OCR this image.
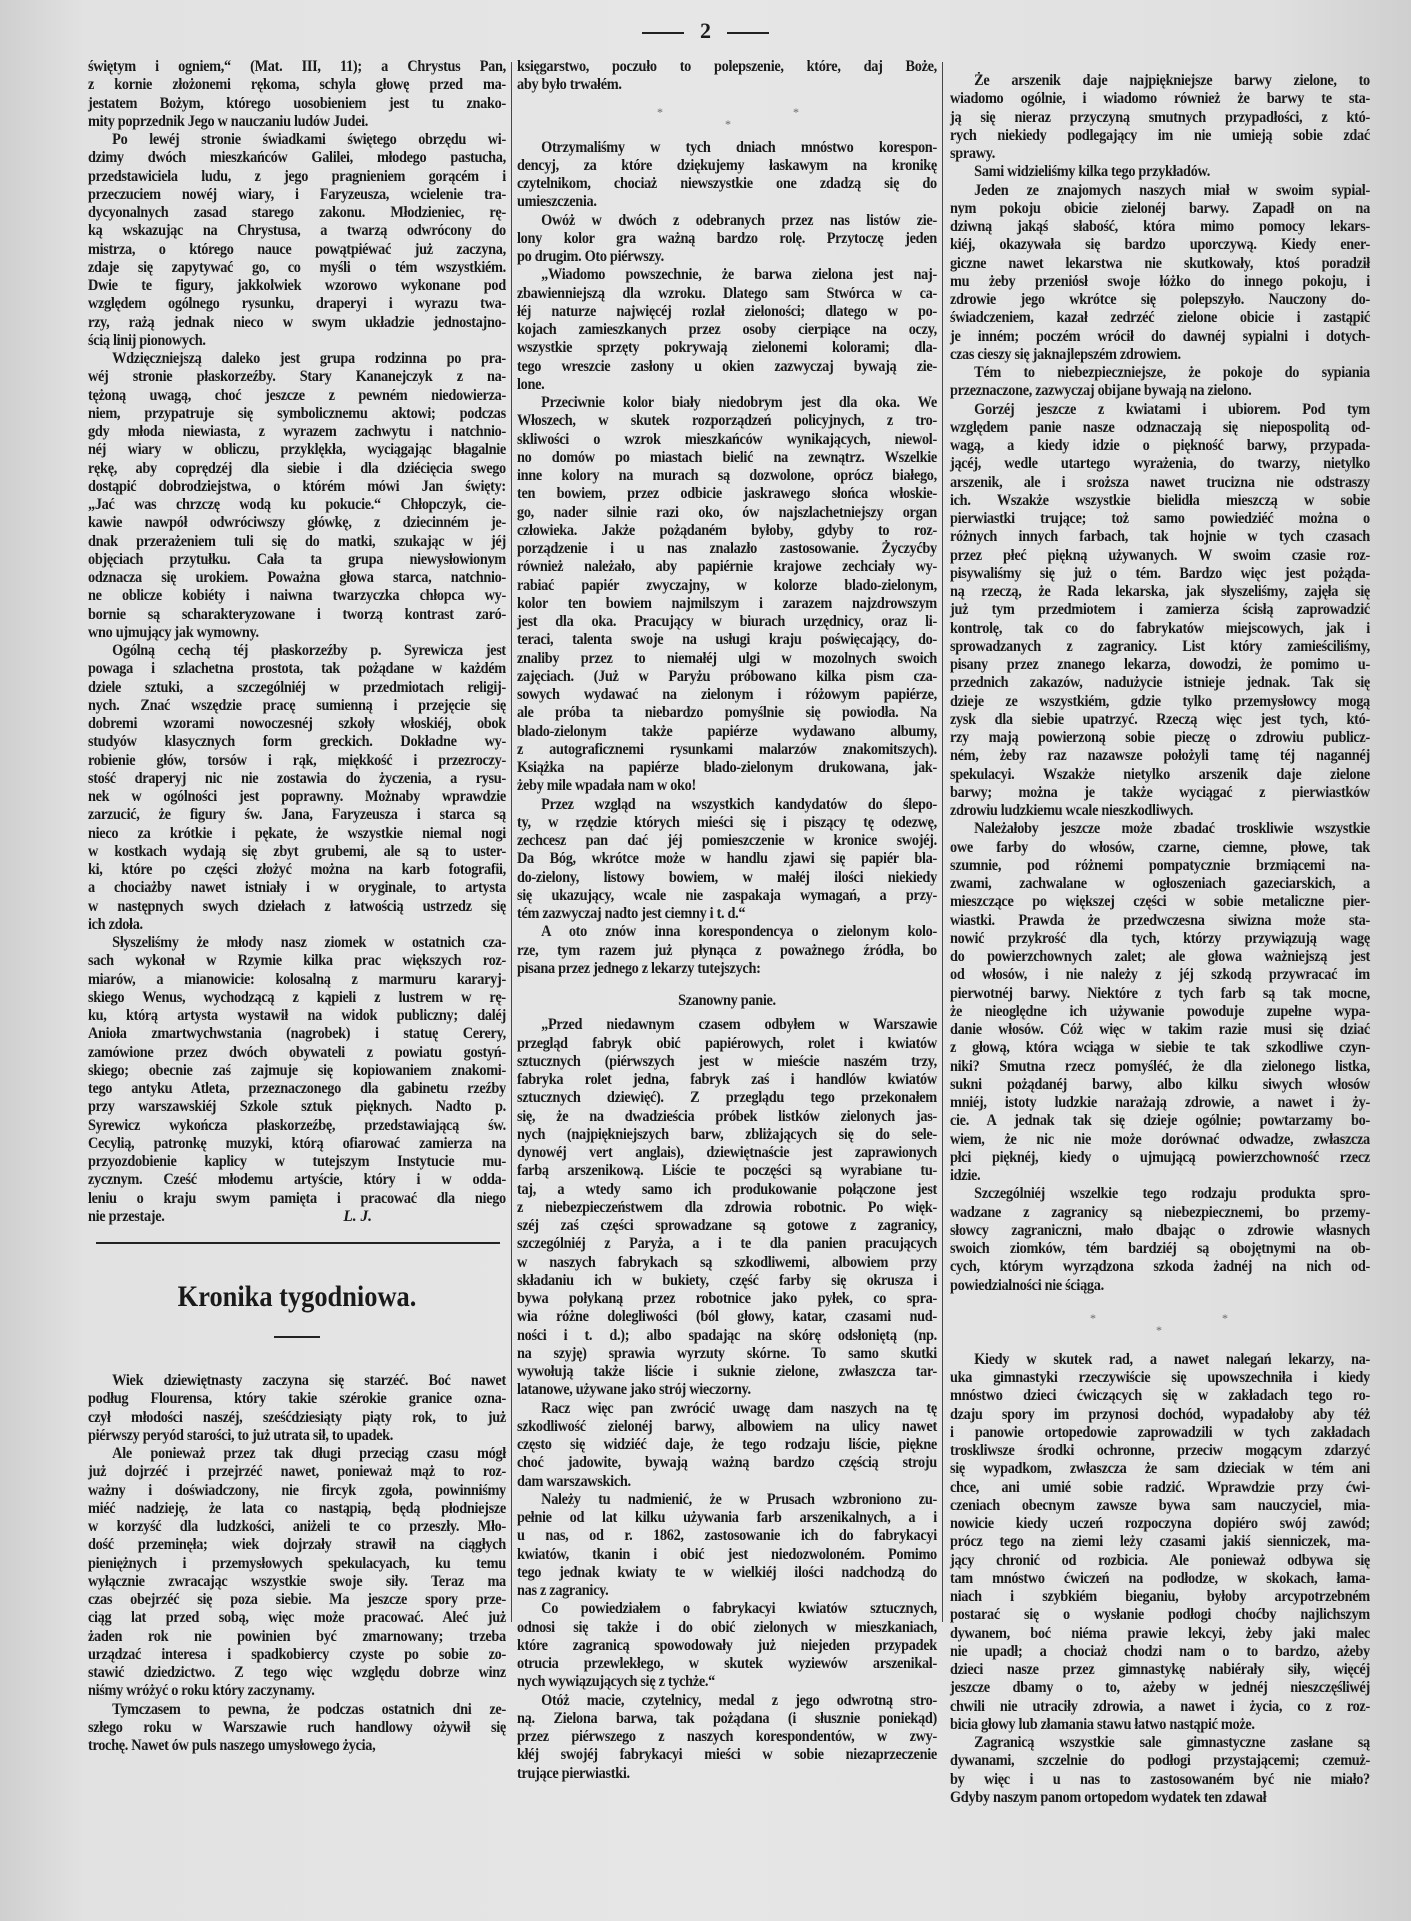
2
świętym i ogniem,“ (Mat. III, 11); a Chrystus Pan,
z kornie złożonemi rękoma, schyla głowę przed ma-
jestatem Bożym, którego uosobieniem jest tu znako-
mity poprzednik Jego w nauczaniu ludów Judei.
Po lewéj stronie świadkami świętego obrzędu wi-
dzimy dwóch mieszkańców Galilei, młodego pastucha,
przedstawiciela ludu, z jego pragnieniem gorącém i
przeczuciem nowéj wiary, i Faryzeusza, wcielenie tra-
dycyonalnych zasad starego zakonu. Młodzieniec, rę-
ką wskazując na Chrystusa, a twarzą odwrócony do
mistrza, o którego nauce powątpiéwać już zaczyna,
zdaje się zapytywać go, co myśli o tém wszystkiém.
Dwie te figury, jakkolwiek wzorowo wykonane pod
względem ogólnego rysunku, draperyi i wyrazu twa-
rzy, rażą jednak nieco w swym układzie jednostajno-
ścią linij pionowych.
Wdzięczniejszą daleko jest grupa rodzinna po pra-
wéj stronie płaskorzeźby. Stary Kananejczyk z na-
tężoną uwagą, choć jeszcze z pewném niedowierza-
niem, przypatruje się symbolicznemu aktowi; podczas
gdy młoda niewiasta, z wyrazem zachwytu i natchnio-
néj wiary w obliczu, przyklękła, wyciągając błagalnie
rękę, aby coprędzéj dla siebie i dla dziécięcia swego
dostąpić dobrodziejstwa, o którém mówi Jan święty:
„Jać was chrzczę wodą ku pokucie.“ Chłopczyk, cie-
kawie nawpół odwróciwszy główkę, z dziecinném je-
dnak przerażeniem tuli się do matki, szukając w jéj
objęciach przytułku. Cała ta grupa niewysłowionym
odznacza się urokiem. Poważna głowa starca, natchnio-
ne oblicze kobiéty i naiwna twarzyczka chłopca wy-
bornie są scharakteryzowane i tworzą kontrast zaró-
wno ujmujący jak wymowny.
Ogólną cechą téj płaskorzeźby p. Syrewicza jest
powaga i szlachetna prostota, tak pożądane w każdém
dziele sztuki, a szczególniéj w przedmiotach religij-
nych. Znać wszędzie pracę sumienną i przejęcie się
dobremi wzorami nowoczesnéj szkoły włoskiéj, obok
studyów klasycznych form greckich. Dokładne wy-
robienie głów, torsów i rąk, miękkość i przezroczy-
stość draperyj nic nie zostawia do życzenia, a rysu-
nek w ogólności jest poprawny. Możnaby wprawdzie
zarzucić, że figury św. Jana, Faryzeusza i starca są
nieco za krótkie i pękate, że wszystkie niemal nogi
w kostkach wydają się zbyt grubemi, ale są to uster-
ki, które po części złożyć można na karb fotografii,
a chociażby nawet istniały i w oryginale, to artysta
w następnych swych dziełach z łatwością ustrzedz się
ich zdoła.
Słyszeliśmy że młody nasz ziomek w ostatnich cza-
sach wykonał w Rzymie kilka prac większych roz-
miarów, a mianowicie: kolosalną z marmuru kararyj-
skiego Wenus, wychodzącą z kąpieli z lustrem w rę-
ku, którą artysta wystawił na widok publiczny; daléj
Anioła zmartwychwstania (nagrobek) i statuę Cerery,
zamówione przez dwóch obywateli z powiatu gostyń-
skiego; obecnie zaś zajmuje się kopiowaniem znakomi-
tego antyku Atleta, przeznaczonego dla gabinetu rzeźby
przy warszawskiéj Szkole sztuk pięknych. Nadto p.
Syrewicz wykończa płaskorzeźbę, przedstawiającą św.
Cecylią, patronkę muzyki, którą ofiarować zamierza na
przyozdobienie kaplicy w tutejszym Instytucie mu-
zycznym. Cześć młodemu artyście, który i w odda-
leniu o kraju swym pamięta i pracować dla niego
nie przestaje.	L. J.
Kronika tygodniowa.
Wiek dziewiętnasty zaczyna się starzéć. Boć nawet
podług Flourensa, który takie szérokie granice ozna-
czył młodości naszéj, sześćdziesiąty piąty rok, to już
piérwszy peryód starości, to już utrata sił, to upadek.
Ale ponieważ przez tak długi przeciąg czasu mógł
już dojrzéć i przejrzéć nawet, ponieważ mąż to roz-
ważny i doświadczony, nie fircyk zgoła, powinniśmy
miéć nadzieję, że lata co nastąpią, będą płodniejsze
w korzyść dla ludzkości, aniżeli te co przeszły. Mło-
dość przeminęła; wiek dojrzały strawił na ciągłych
pieniężnych i przemysłowych spekulacyach, ku temu
wyłącznie zwracając wszystkie swoje siły. Teraz ma
czas obejrzéć się poza siebie. Ma jeszcze spory prze-
ciąg lat przed sobą, więc może pracować. Aleć już
żaden rok nie powinien być zmarnowany; trzeba
urządzać interesa i spadkobiercy czyste po sobie zo-
stawić dziedzictwo. Z tego więc względu dobrze winz
niśmy wróżyć o roku który zaczynamy.
Tymczasem to pewna, że podczas ostatnich dni ze-
szłego roku w Warszawie ruch handlowy ożywił się
trochę. Nawet ów puls naszego umysłowego życia,
księgarstwo, poczuło to polepszenie, które, daj Boże,
aby było trwałém.
*	*
*
Otrzymaliśmy w tych dniach mnóstwo korespon-
dencyj, za które dziękujemy łaskawym na kronikę
czytelnikom, chociaż niewszystkie one zdadzą się do
umieszczenia.
Owóż w dwóch z odebranych przez nas listów zie-
lony kolor gra ważną bardzo rolę. Przytoczę jeden
po drugim. Oto piérwszy.
„Wiadomo powszechnie, że barwa zielona jest naj-
zbawienniejszą dla wzroku. Dlatego sam Stwórca w ca-
łéj naturze najwięcéj rozlał zieloności; dlatego w po-
kojach zamieszkanych przez osoby cierpiące na oczy,
wszystkie sprzęty pokrywają zielonemi kolorami; dla-
tego wreszcie zasłony u okien zazwyczaj bywają zie-
lone.
Przeciwnie kolor biały niedobrym jest dla oka. We
Włoszech, w skutek rozporządzeń policyjnych, z tro-
skliwości o wzrok mieszkańców wynikających, niewol-
no domów po miastach bielić na zewnątrz. Wszelkie
inne kolory na murach są dozwolone, oprócz białego,
ten bowiem, przez odbicie jaskrawego słońca włoskie-
go, nader silnie razi oko, ów najszlachetniejszy organ
człowieka. Jakże pożądaném byłoby, gdyby to roz-
porządzenie i u nas znalazło zastosowanie. Życzyćby
również należało, aby papiérnie krajowe zechciały wy-
rabiać papiér zwyczajny, w kolorze blado-zielonym,
kolor ten bowiem najmilszym i zarazem najzdrowszym
jest dla oka. Pracujący w biurach urzędnicy, oraz li-
teraci, talenta swoje na usługi kraju poświęcający, do-
znaliby przez to niemałéj ulgi w mozolnych swoich
zajęciach. (Już w Paryżu próbowano kilka pism cza-
sowych wydawać na zielonym i różowym papiérze,
ale próba ta niebardzo pomyślnie się powiodła. Na
blado-zielonym także papiérze wydawano albumy,
z autograficznemi rysunkami malarzów znakomitszych).
Książka na papiérze blado-zielonym drukowana, jak-
żeby mile wpadała nam w oko!
Przez wzgląd na wszystkich kandydatów do ślepo-
ty, w rzędzie których mieści się i piszący tę odezwę,
zechcesz pan dać jéj pomieszczenie w kronice swojéj.
Da Bóg, wkrótce może w handlu zjawi się papiér bla-
do-zielony, listowy bowiem, w małéj ilości niekiedy
się ukazujący, wcale nie zaspakaja wymagań, a przy-
tém zazwyczaj nadto jest ciemny i t. d.“
A oto znów inna korespondencya o zielonym kolo-
rze, tym razem już płynąca z poważnego źródła, bo
pisana przez jednego z lekarzy tutejszych:
Szanowny panie.
„Przed niedawnym czasem odbyłem w Warszawie
przegląd fabryk obić papiérowych, rolet i kwiatów
sztucznych (piérwszych jest w mieście naszém trzy,
fabryka rolet jedna, fabryk zaś i handlów kwiatów
sztucznych dziewięć). Z przeglądu tego przekonałem
się, że na dwadzieścia próbek listków zielonych jas-
nych (najpiękniejszych barw, zbliżających się do sele-
dynowéj vert anglais), dziewiętnaście jest zaprawionych
farbą arszenikową. Liście te poczęści są wyrabiane tu-
taj, a wtedy samo ich produkowanie połączone jest
z niebezpieczeństwem dla zdrowia robotnic. Po więk-
széj zaś części sprowadzane są gotowe z zagranicy,
szczególniéj z Paryża, a i te dla panien pracujących
w naszych fabrykach są szkodliwemi, albowiem przy
składaniu ich w bukiety, część farby się okrusza i
bywa połykaną przez robotnice jako pyłek, co spra-
wia różne dolegliwości (ból głowy, katar, czasami nud-
ności i t. d.); albo spadając na skórę odsłoniętą (np.
na szyję) sprawia wyrzuty skórne. To samo skutki
wywołują także liście i suknie zielone, zwłaszcza tar-
latanowe, używane jako strój wieczorny.
Racz więc pan zwrócić uwagę dam naszych na tę
szkodliwość zielonéj barwy, albowiem na ulicy nawet
często się widziéć daje, że tego rodzaju liście, piękne
choć jadowite, bywają ważną bardzo częścią stroju
dam warszawskich.
Należy tu nadmienić, że w Prusach wzbroniono zu-
pełnie od lat kilku używania farb arszenikalnych, a i
u nas, od r. 1862, zastosowanie ich do fabrykacyi
kwiatów, tkanin i obić jest niedozwoloném. Pomimo
tego jednak kwiaty te w wielkiéj ilości nadchodzą do
nas z zagranicy.
Co powiedziałem o fabrykacyi kwiatów sztucznych,
odnosi się także i do obić zielonych w mieszkaniach,
które zagranicą spowodowały już niejeden przypadek
otrucia przewlekłego, w skutek wyziewów arszenikal-
nych wywiązujących się z tychże.“
Otóż macie, czytelnicy, medal z jego odwrotną stro-
ną. Zielona barwa, tak pożądana (i słusznie poniekąd)
przez piérwszego z naszych korespondentów, w zwy-
kłéj swojéj fabrykacyi mieści w sobie niezaprzeczenie
trujące pierwiastki.
Że arszenik daje najpiękniejsze barwy zielone, to
wiadomo ogólnie, i wiadomo również że barwy te sta-
ją się nieraz przyczyną smutnych przypadłości, z któ-
rych niekiedy podlegający im nie umieją sobie zdać
sprawy.
Sami widzieliśmy kilka tego przykładów.
Jeden ze znajomych naszych miał w swoim sypial-
nym pokoju obicie zielonéj barwy. Zapadł on na
dziwną jakąś słabość, która mimo pomocy lekars-
kiéj, okazywała się bardzo uporczywą. Kiedy ener-
giczne nawet lekarstwa nie skutkowały, ktoś poradził
mu żeby przeniósł swoje łóżko do innego pokoju, i
zdrowie jego wkrótce się polepszyło. Nauczony do-
świadczeniem, kazał zedrzéć zielone obicie i zastąpić
je inném; poczém wrócił do dawnéj sypialni i dotych-
czas cieszy się jaknajlepszém zdrowiem.
Tém to niebezpieczniejsze, że pokoje do sypiania
przeznaczone, zazwyczaj obijane bywają na zielono.
Gorzéj jeszcze z kwiatami i ubiorem. Pod tym
względem panie nasze odznaczają się niepospolitą od-
wagą, a kiedy idzie o piękność barwy, przypada-
jącéj, wedle utartego wyrażenia, do twarzy, nietylko
arszenik, ale i sroższa nawet trucizna nie odstraszy
ich. Wszakże wszystkie bielidła mieszczą w sobie
pierwiastki trujące; toż samo powiedziéć można o
różnych innych farbach, tak hojnie w tych czasach
przez płeć piękną używanych. W swoim czasie roz-
pisywaliśmy się już o tém. Bardzo więc jest pożąda-
ną rzeczą, że Rada lekarska, jak słyszeliśmy, zajęła się
już tym przedmiotem i zamierza ścisłą zaprowadzić
kontrolę, tak co do fabrykatów miejscowych, jak i
sprowadzanych z zagranicy. List który zamieściliśmy,
pisany przez znanego lekarza, dowodzi, że pomimo u-
przednich zakazów, nadużycie istnieje jednak. Tak się
dzieje ze wszystkiém, gdzie tylko przemysłowcy mogą
zysk dla siebie upatrzyć. Rzeczą więc jest tych, któ-
rzy mają powierzoną sobie pieczę o zdrowiu publicz-
ném, żeby raz nazawsze położyli tamę téj nagannéj
spekulacyi. Wszakże nietylko arszenik daje zielone
barwy; można je także wyciągać z pierwiastków
zdrowiu ludzkiemu wcale nieszkodliwych.
Należałoby jeszcze może zbadać troskliwie wszystkie
owe farby do włosów, czarne, ciemne, płowe, tak
szumnie, pod różnemi pompatycznie brzmiącemi na-
zwami, zachwalane w ogłoszeniach gazeciarskich, a
mieszczące po większej części w sobie metaliczne pier-
wiastki. Prawda że przedwczesna siwizna może sta-
nowić przykrość dla tych, którzy przywiązują wagę
do powierzchownych zalet; ale głowa ważniejszą jest
od włosów, i nie należy z jéj szkodą przywracać im
pierwotnéj barwy. Niektóre z tych farb są tak mocne,
że nieoględne ich używanie powoduje zupełne wypa-
danie włosów. Cóż więc w takim razie musi się dziać
z głową, która wciąga w siebie te tak szkodliwe czyn-
niki? Smutna rzecz pomyśléć, że dla zielonego listka,
sukni pożądanéj barwy, albo kilku siwych włosów
mniéj, istoty ludzkie narażają zdrowie, a nawet i ży-
cie. A jednak tak się dzieje ogólnie; powtarzamy bo-
wiem, że nic nie może dorównać odwadze, zwłaszcza
płci pięknéj, kiedy o ujmującą powierzchowność rzecz
idzie.
Szczególniéj wszelkie tego rodzaju produkta spro-
wadzane z zagranicy są niebezpiecznemi, bo przemy-
słowcy zagraniczni, mało dbając o zdrowie własnych
swoich ziomków, tém bardziéj są obojętnymi na ob-
cych, którym wyrządzona szkoda żadnéj na nich od-
powiedzialności nie ściąga.
*	*
*
Kiedy w skutek rad, a nawet nalegań lekarzy, na-
uka gimnastyki rzeczywiście się upowszechniła i kiedy
mnóstwo dzieci ćwiczących się w zakładach tego ro-
dzaju spory im przynosi dochód, wypadałoby aby téż
i panowie ortopedowie zaprowadzili w tych zakładach
troskliwsze środki ochronne, przeciw mogącym zdarzyć
się wypadkom, zwłaszcza że sam dzieciak w tém ani
chce, ani umié sobie radzić. Wprawdzie przy ćwi-
czeniach obecnym zawsze bywa sam nauczyciel, mia-
nowicie kiedy uczeń rozpoczyna dopiéro swój zawód;
prócz tego na ziemi leży czasami jakiś sienniczek, ma-
jący chronić od rozbicia. Ale ponieważ odbywa się
tam mnóstwo ćwiczeń na podłodze, w skokach, łama-
niach i szybkiém bieganiu, byłoby arcypotrzebném
postarać się o wysłanie podłogi choćby najlichszym
dywanem, boć niéma prawie lekcyi, żeby jaki malec
nie upadł; a chociaż chodzi nam o to bardzo, ażeby
dzieci nasze przez gimnastykę nabiérały siły, więcéj
jeszcze dbamy o to, ażeby w jednéj nieszczęśliwéj
chwili nie utraciły zdrowia, a nawet i życia, co z roz-
bicia głowy lub złamania stawu łatwo nastąpić może.
Zagranicą wszystkie sale gimnastyczne zasłane są
dywanami, szczelnie do podłogi przystającemi; czemuż-
by więc i u nas to zastosowaném być nie miało?
Gdyby naszym panom ortopedom wydatek ten zdawał
